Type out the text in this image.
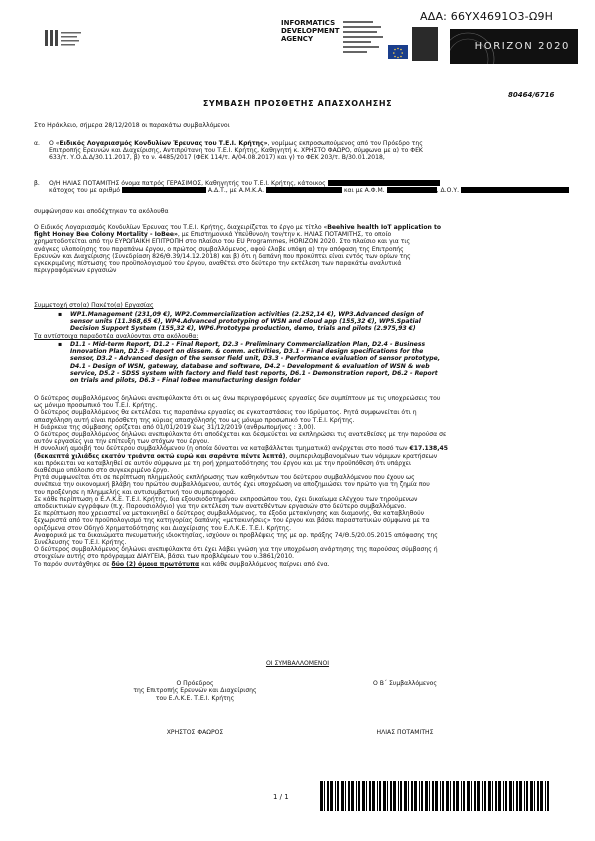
ΑΔΑ: 66ΥΧ4691Ο3-Ω9Η
INFORMATICS
DEVELOPMENT
AGENCY
HORIZON 2020
80464/6716
ΣΥΜΒΑΣΗ ΠΡΟΣΘΕΤΗΣ ΑΠΑΣΧΟΛΗΣΗΣ
Στο Ηράκλειο, σήμερα 28/12/2018 οι παρακάτω συμβαλλόμενοι
α. Ο «Ειδικός Λογαριασμός Κονδυλίων Έρευνας του Τ.Ε.Ι. Κρήτης», νομίμως εκπροσωπούμενος από τον Πρόεδρο της
Επιτροπής Ερευνών και Διαχείρισης, Αντιπρύτανη του Τ.Ε.Ι. Κρήτης, Καθηγητή κ. ΧΡΗΣΤΟ ΦΑΩΡΟ, σύμφωνα με α) το ΦΕΚ
633/τ. Υ.Ο.Δ.Δ/30.11.2017, β) το ν. 4485/2017 (ΦΕΚ 114/τ. Α/04.08.2017) και γ) το ΦΕΚ 203/τ. Β/30.01.2018,
β. Ο/Η ΗΛΙΑΣ ΠΟΤΑΜΙΤΗΣ όνομα πατρός ΓΕΡΑΣΙΜΟΣ, Καθηγητής του Τ.Ε.Ι. Κρήτης, κάτοικος
κάτοχος του με αριθμό	Α.Δ.Τ., με Α.Μ.Κ.Α.	και με Α.Φ.Μ.	, Δ.Ο.Υ.
συμφώνησαν και αποδέχτηκαν τα ακόλουθα
Ο Ειδικός Λογαριασμός Κονδυλίων Έρευνας του Τ.Ε.Ι. Κρήτης, διαχειρίζεται το έργο με τίτλο «Beehive health IoT application to
fight Honey Bee Colony Mortality - IoBee», με Επιστημονικά Υπεύθυνο/η τον/την κ. ΗΛΙΑΣ ΠΟΤΑΜΙΤΗΣ, το οποίο
χρηματοδοτείται από την ΕΥΡΩΠΑΙΚΗ ΕΠΙΤΡΟΠΗ στο πλαίσιο του EU Programmes, HORIZON 2020. Στο πλαίσιο και για τις
ανάγκες υλοποίησης του παραπάνω έργου, ο πρώτος συμβαλλόμενος, αφού έλαβε υπόψη α) την απόφαση της Επιτροπής
Ερευνών και Διαχείρισης (Συνεδρίαση 826/Θ.39/14.12.2018) και β) ότι η δαπάνη που προκύπτει είναι εντός των ορίων της
εγκεκριμένης πίστωσης του προϋπολογισμού του έργου, αναθέτει στο δεύτερο την εκτέλεση των παρακάτω αναλυτικά
περιγραφόμενων εργασιών
Συμμετοχή στο(α) Πακέτο(α) Εργασίας
▪ WP1.Management (231,09 €), WP2.Commercialization activities (2.252,14 €), WP3.Advanced design of
sensor units (11.368,65 €), WP4.Advanced prototyping of WSN and cloud app (155,32 €), WP5.Spatial
Decision Support System (155,32 €), WP6.Prototype production, demo, trials and pilots (2.975,93 €)
Τα αντίστοιχα παραδοτέα αναλύονται στα ακόλουθα:
▪ D1.1 - Mid-term Report, D1.2 - Final Report, D2.3 - Preliminary Commercialization Plan, D2.4 - Business
Innovation Plan, D2.5 - Report on dissem. & comm. activities, D3.1 - Final design specifications for the
sensor, D3.2 - Advanced design of the sensor field unit, D3.3 - Performance evaluation of sensor prototype,
D4.1 - Design of WSN, gateway, database and software, D4.2 - Development & evaluation of WSN & web
service, D5.2 - SDSS system with factory and field test reports, D6.1 - Demonstration report, D6.2 - Report
on trials and pilots, D6.3 - Final IoBee manufacturing design folder
Ο δεύτερος συμβαλλόμενος δηλώνει ανεπιφύλακτα ότι οι ως άνω περιγραφόμενες εργασίες δεν συμπίπτουν με τις υποχρεώσεις του
ως μόνιμο προσωπικό του Τ.Ε.Ι. Κρήτης.
Ο δεύτερος συμβαλλόμενος θα εκτελέσει τις παραπάνω εργασίες σε εγκαταστάσεις του Ιδρύματος. Ρητά συμφωνείται ότι η
απασχόληση αυτή είναι πρόσθετη της κύριας απασχόλησής του ως μόνιμο προσωπικό του Τ.Ε.Ι. Κρήτης.
Η διάρκεια της σύμβασης ορίζεται από 01/01/2019 έως 31/12/2019 (ανθρωπομήνες : 3,00).
Ο δεύτερος συμβαλλόμενος δηλώνει ανεπιφύλακτα ότι αποδέχεται και δεσμεύεται να εκπληρώσει τις ανατεθείσες με την παρούσα σε
αυτόν εργασίες για την επίτευξη των στόχων του έργου.
Η συνολική αμοιβή του δεύτερου συμβαλλόμενου (η οποία δύναται να καταβάλλεται τμηματικά) ανέρχεται στο ποσό των €17.138,45
(δεκαεπτά χιλιάδες εκατόν τριάντα οκτώ ευρώ και σαράντα πέντε λεπτά), συμπεριλαμβανομένων των νόμιμων κρατήσεων
και πρόκειται να καταβληθεί σε αυτόν σύμφωνα με τη ροή χρηματοδότησης του έργου και με την προϋπόθεση ότι υπάρχει
διαθέσιμο υπόλοιπο στο συγκεκριμένο έργο.
Ρητά συμφωνείται ότι σε περίπτωση πλημμελούς εκπλήρωσης των καθηκόντων του δεύτερου συμβαλλόμενου που έχουν ως
συνέπεια την οικονομική βλάβη του πρώτου συμβαλλόμενου, αυτός έχει υποχρέωση να αποζημιώσει τον πρώτο για τη ζημία που
του προξένησε η πλημμελής και αντισυμβατική του συμπεριφορά.
Σε κάθε περίπτωση ο Ε.Λ.Κ.Ε. Τ.Ε.Ι. Κρήτης, δια εξουσιοδοτημένου εκπροσώπου του, έχει δικαίωμα ελέγχου των τηρούμενων
αποδεικτικών εγγράφων (π.χ. Παρουσιολόγιο) για την εκτέλεση των ανατεθέντων εργασιών στο δεύτερο συμβαλλόμενο.
Σε περίπτωση που χρειαστεί να μετακινηθεί ο δεύτερος συμβαλλόμενος, τα έξοδα μετακίνησης και διαμονής, θα καταβληθούν
ξεχωριστά από τον προϋπολογισμό της κατηγορίας δαπάνης «μετακινήσεις» του έργου και βάσει παραστατικών σύμφωνα με τα
οριζόμενα στον Οδηγό Χρηματοδότησης και Διαχείρισης του Ε.Λ.Κ.Ε. Τ.Ε.Ι. Κρήτης.
Αναφορικά με τα δικαιώματα πνευματικής ιδιοκτησίας, ισχύουν οι προβλέψεις της με αρ. πράξης 74/Θ.5/20.05.2015 απόφασης της
Συνέλευσης του Τ.Ε.Ι. Κρήτης.
Ο δεύτερος συμβαλλόμενος δηλώνει ανεπιφύλακτα ότι έχει λάβει γνώση για την υποχρέωση ανάρτησης της παρούσας σύμβασης ή
στοιχείων αυτής στο πρόγραμμα ΔΙΑΥΓΕΙΑ, βάσει των προβλέψεων του ν.3861/2010.
Το παρόν συντάχθηκε σε δύο (2) όμοια πρωτότυπα και κάθε συμβαλλόμενος παίρνει από ένα.
ΟΙ ΣΥΜΒΑΛΛΟΜΕΝΟΙ
Ο Πρόεδρος
της Επιτροπής Ερευνών και Διαχείρισης
του Ε.Λ.Κ.Ε. Τ.Ε.Ι. Κρήτης
Ο Β΄ Συμβαλλόμενος
ΧΡΗΣΤΟΣ ΦΑΩΡΟΣ	ΗΛΙΑΣ ΠΟΤΑΜΙΤΗΣ
1 / 1
